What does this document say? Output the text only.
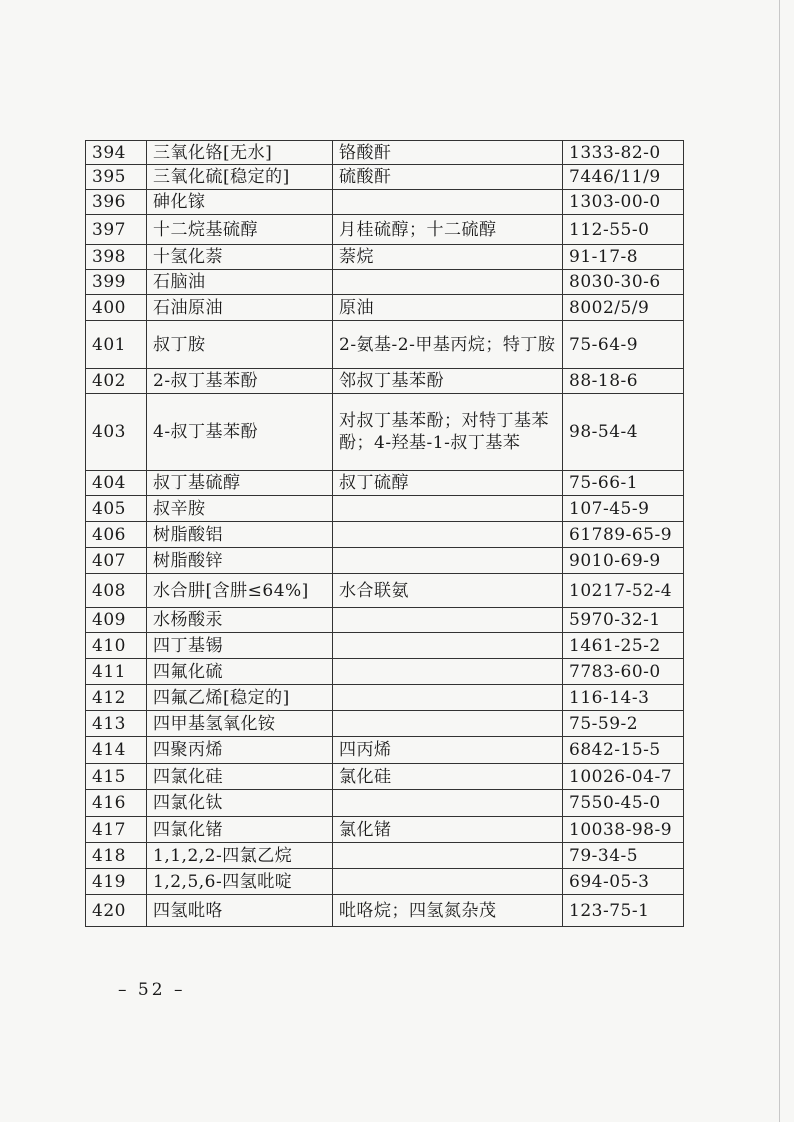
394	三氧化铬[无水]	铬酸酐	1333-82-0
395	三氧化硫[稳定的]	硫酸酐	7446/11/9
396	砷化镓		1303-00-0
397	十二烷基硫醇	月桂硫醇；十二硫醇	112-55-0
398	十氢化萘	萘烷	91-17-8
399	石脑油		8030-30-6
400	石油原油	原油	8002/5/9
401	叔丁胺	2-氨基-2-甲基丙烷；特丁胺	75-64-9
402	2-叔丁基苯酚	邻叔丁基苯酚	88-18-6
403	4-叔丁基苯酚	对叔丁基苯酚；对特丁基苯酚；4-羟基-1-叔丁基苯	98-54-4
404	叔丁基硫醇	叔丁硫醇	75-66-1
405	叔辛胺		107-45-9
406	树脂酸铝		61789-65-9
407	树脂酸锌		9010-69-9
408	水合肼[含肼≤64%]	水合联氨	10217-52-4
409	水杨酸汞		5970-32-1
410	四丁基锡		1461-25-2
411	四氟化硫		7783-60-0
412	四氟乙烯[稳定的]		116-14-3
413	四甲基氢氧化铵		75-59-2
414	四聚丙烯	四丙烯	6842-15-5
415	四氯化硅	氯化硅	10026-04-7
416	四氯化钛		7550-45-0
417	四氯化锗	氯化锗	10038-98-9
418	1,1,2,2-四氯乙烷		79-34-5
419	1,2,5,6-四氢吡啶		694-05-3
420	四氢吡咯	吡咯烷；四氢氮杂茂	123-75-1
– 52 –
